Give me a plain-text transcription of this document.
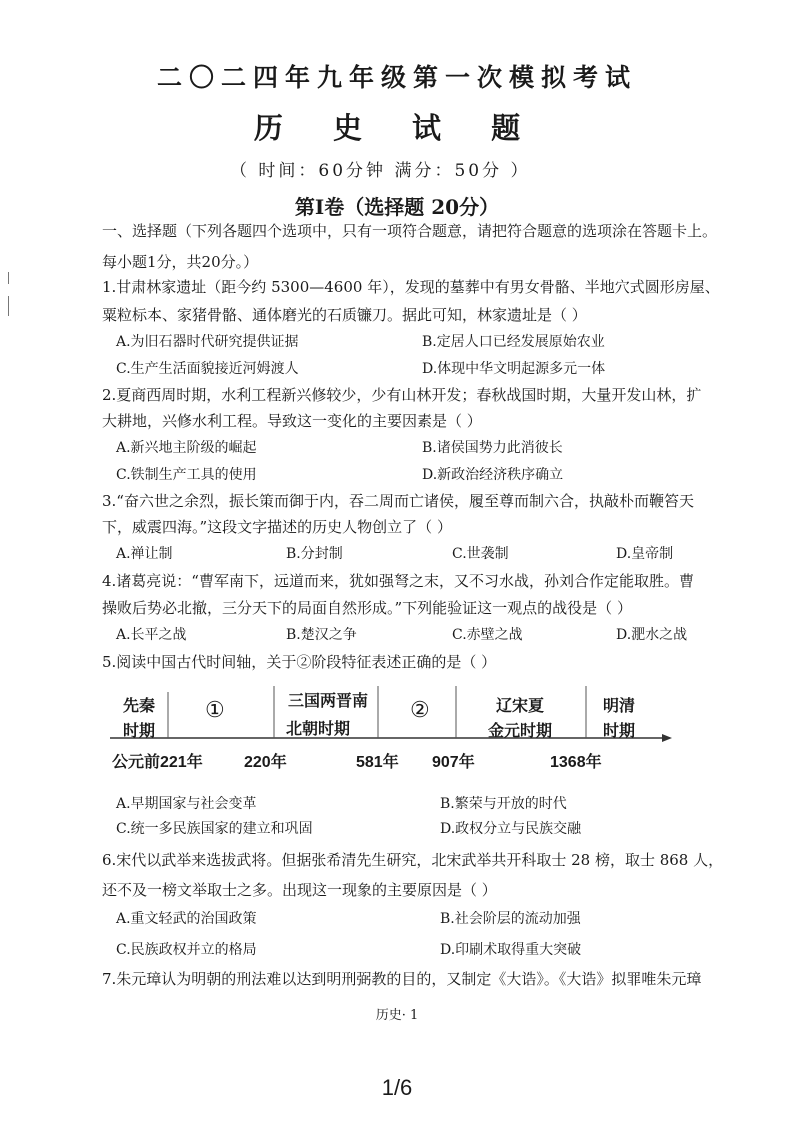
二〇二四年九年级第一次模拟考试
历 史 试 题
（ 时间：60分钟 满分：50分 ）
第Ⅰ卷（选择题 20分）
一、选择题（下列各题四个选项中，只有一项符合题意，请把符合题意的选项涂在答题卡上。
每小题1分，共20分。）
1.甘肃林家遗址（距今约 5300—4600 年），发现的墓葬中有男女骨骼、半地穴式圆形房屋、
粟粒标本、家猪骨骼、通体磨光的石质镰刀。据此可知，林家遗址是（ ）
A.为旧石器时代研究提供证据	B.定居人口已经发展原始农业
C.生产生活面貌接近河姆渡人	D.体现中华文明起源多元一体
2.夏商西周时期，水利工程新兴修较少，少有山林开发；春秋战国时期，大量开发山林，扩
大耕地，兴修水利工程。导致这一变化的主要因素是（ ）
A.新兴地主阶级的崛起	B.诸侯国势力此消彼长
C.铁制生产工具的使用	D.新政治经济秩序确立
3.“奋六世之余烈，振长策而御于内，吞二周而亡诸侯，履至尊而制六合，执敲朴而鞭笞天
下，威震四海。”这段文字描述的历史人物创立了（ ）
A.禅让制	B.分封制	C.世袭制	D.皇帝制
4.诸葛亮说：“曹军南下，远道而来，犹如强弩之末，又不习水战，孙刘合作定能取胜。曹
操败后势必北撤，三分天下的局面自然形成。”下列能验证这一观点的战役是（ ）
A.长平之战	B.楚汉之争	C.赤壁之战	D.淝水之战
5.阅读中国古代时间轴，关于②阶段特征表述正确的是（ ）
先秦
时期
①	三国两晋南
北朝时期
②	辽宋夏
金元时期
明清
时期
公元前221年	220年	581年 907年	1368年
A.早期国家与社会变革	B.繁荣与开放的时代
C.统一多民族国家的建立和巩固	D.政权分立与民族交融
6.宋代以武举来选拔武将。但据张希清先生研究，北宋武举共开科取士 28 榜，取士 868 人，
还不及一榜文举取士之多。出现这一现象的主要原因是（ ）
A.重文轻武的治国政策	B.社会阶层的流动加强
C.民族政权并立的格局	D.印刷术取得重大突破
7.朱元璋认为明朝的刑法难以达到明刑弼教的目的，又制定《大诰》。《大诰》拟罪唯朱元璋
历史· 1
1/6
